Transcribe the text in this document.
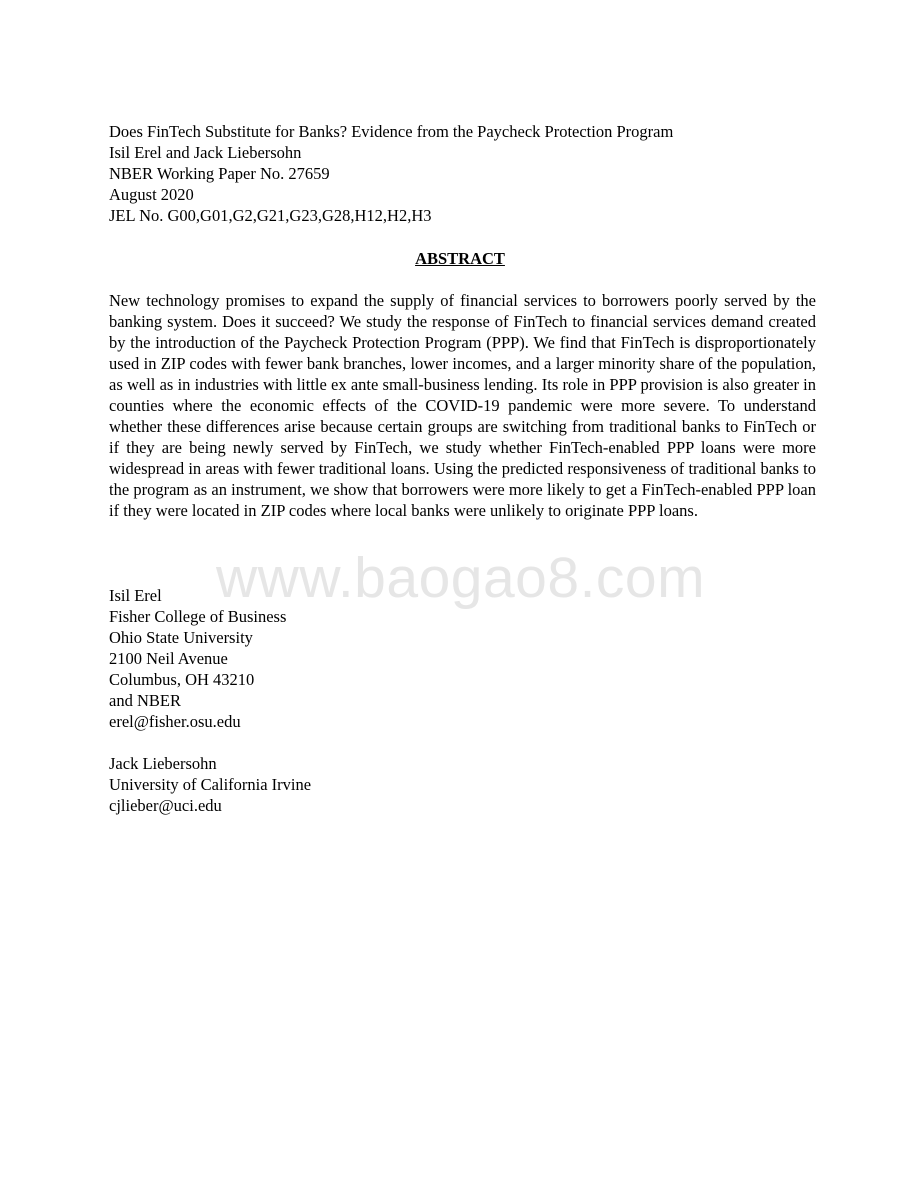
Does FinTech Substitute for Banks? Evidence from the Paycheck Protection Program
Isil Erel and Jack Liebersohn
NBER Working Paper No. 27659
August 2020
JEL No. G00,G01,G2,G21,G23,G28,H12,H2,H3
ABSTRACT

New technology promises to expand the supply of financial services to borrowers poorly served by the banking system. Does it succeed? We study the response of FinTech to financial services demand created by the introduction of the Paycheck Protection Program (PPP). We find that FinTech is disproportionately used in ZIP codes with fewer bank branches, lower incomes, and a larger minority share of the population, as well as in industries with little ex ante small-business lending. Its role in PPP provision is also greater in counties where the economic effects of the COVID-19 pandemic were more severe. To understand whether these differences arise because certain groups are switching from traditional banks to FinTech or if they are being newly served by FinTech, we study whether FinTech-enabled PPP loans were more widespread in areas with fewer traditional loans. Using the predicted responsiveness of traditional banks to the program as an instrument, we show that borrowers were more likely to get a FinTech-enabled PPP loan if they were located in ZIP codes where local banks were unlikely to originate PPP loans.

www.baogao8.com
Isil Erel
Fisher College of Business
Ohio State University
2100 Neil Avenue
Columbus, OH 43210
and NBER
erel@fisher.osu.edu
Jack Liebersohn
University of California Irvine
cjlieber@uci.edu
